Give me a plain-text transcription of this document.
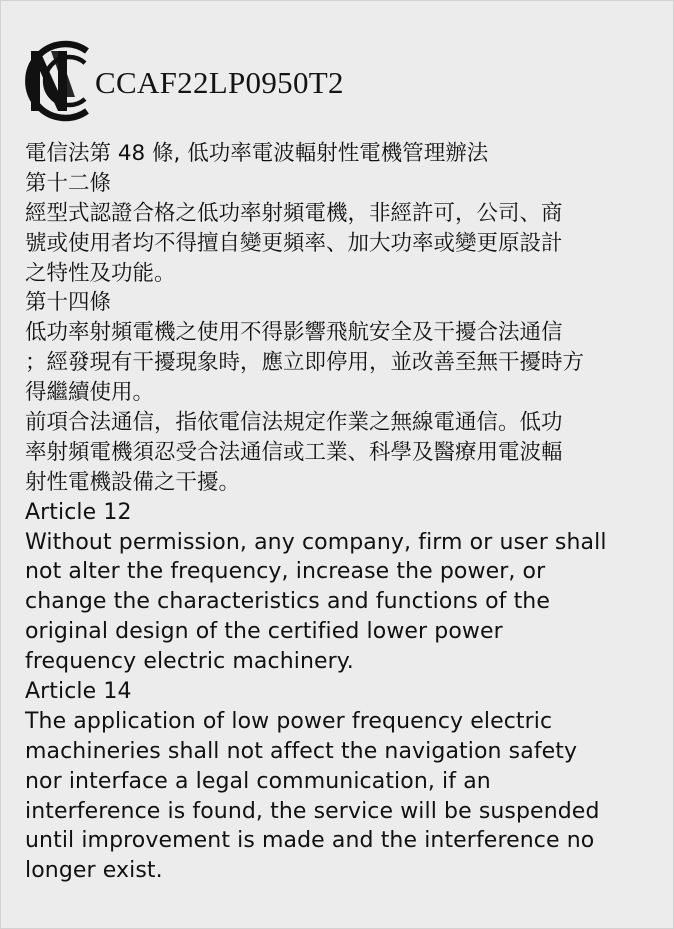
CCAF22LP0950T2
電信法第 48 條, 低功率電波輻射性電機管理辦法
第十二條
經型式認證合格之低功率射頻電機，非經許可，公司、商
號或使用者均不得擅自變更頻率、加大功率或變更原設計
之特性及功能。
第十四條
低功率射頻電機之使用不得影響飛航安全及干擾合法通信
；經發現有干擾現象時，應立即停用，並改善至無干擾時方
得繼續使用。
前項合法通信，指依電信法規定作業之無線電通信。低功
率射頻電機須忍受合法通信或工業、科學及醫療用電波輻
射性電機設備之干擾。
Article 12
Without permission, any company, firm or user shall
not alter the frequency, increase the power, or
change the characteristics and functions of the
original design of the certified lower power
frequency electric machinery.
Article 14
The application of low power frequency electric
machineries shall not affect the navigation safety
nor interface a legal communication, if an
interference is found, the service will be suspended
until improvement is made and the interference no
longer exist.
